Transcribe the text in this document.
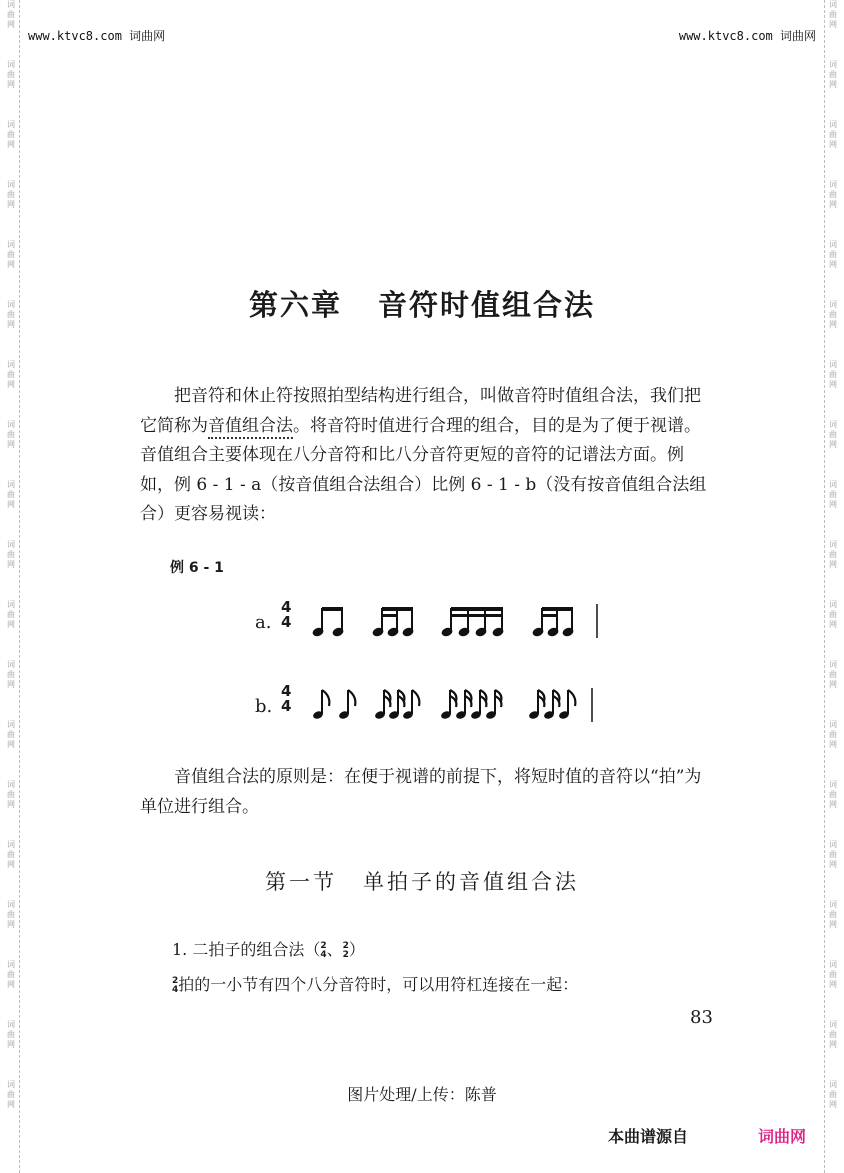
词
曲
网
词
曲
网
词
曲
网
词
曲
网
词
曲
网
词
曲
网
词
曲
网
词
曲
网
词
曲
网
词
曲
网
词
曲
网
词
曲
网
词
曲
网
词
曲
网
词
曲
网
词
曲
网
词
曲
网
词
曲
网
词
曲
网
词
曲
网
词
曲
网
词
曲
网
词
曲
网
词
曲
网
词
曲
网
词
曲
网
词
曲
网
词
曲
网
词
曲
网
词
曲
网
词
曲
网
词
曲
网
词
曲
网
词
曲
网
词
曲
网
词
曲
网
词
曲
网
词
曲
网
www.ktvc8.com 词曲网	www.ktvc8.com 词曲网
第六章 音符时值组合法
把音符和休止符按照拍型结构进行组合，叫做音符时值组合法，我们把它简称为音值组合法。将音符时值进行合理的组合，目的是为了便于视谱。音值组合主要体现在八分音符和比八分音符更短的音符的记谱法方面。例如，例 6 - 1 - a（按音值组合法组合）比例 6 - 1 - b（没有按音值组合法组合）更容易视读：
例 6 - 1
a.
4
4
b.
4
4
音值组合法的原则是：在便于视谱的前提下，将短时值的音符以“拍”为单位进行组合。
第一节 单拍子的音值组合法
1. 二拍子的组合法（ 2
4 、 2
2 ）
2
4 拍的一小节有四个八分音符时，可以用符杠连接在一起：
83
图片处理/上传：陈普
本曲谱源自	词曲网
